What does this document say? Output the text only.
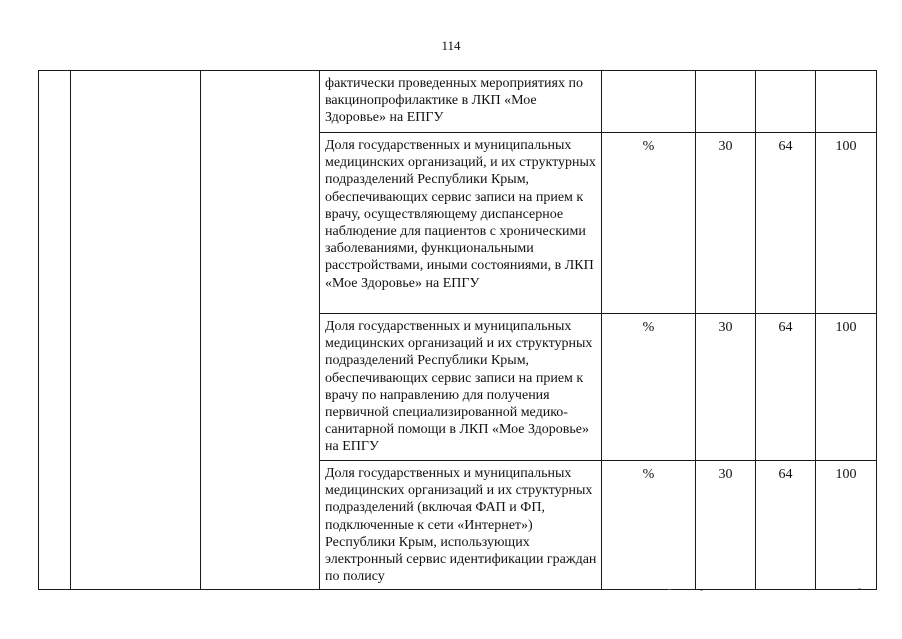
114

			фактически проведенных мероприятиях по вакцинопрофилактике в ЛКП «Мое Здоровье» на ЕПГУ				

			Доля государственных и муниципальных медицинских организаций, и их структурных подразделений Республики Крым, обеспечивающих сервис записи на прием к врачу, осуществляющему диспансерное наблюдение для пациентов с хроническими заболеваниями, функциональными расстройствами, иными состояниями, в ЛКП «Мое Здоровье» на ЕПГУ	%	30	64	100

			Доля государственных и муниципальных медицинских организаций и их структурных подразделений Республики Крым, обеспечивающих сервис записи на прием к врачу по направлению для получения первичной специализированной медико-санитарной помощи в ЛКП «Мое Здоровье» на ЕПГУ	%	30	64	100

			Доля государственных и муниципальных медицинских организаций и их структурных подразделений (включая ФАП и ФП, подключенные к сети «Интернет») Республики Крым, использующих электронный сервис идентификации граждан по полису	%	30	64	100
